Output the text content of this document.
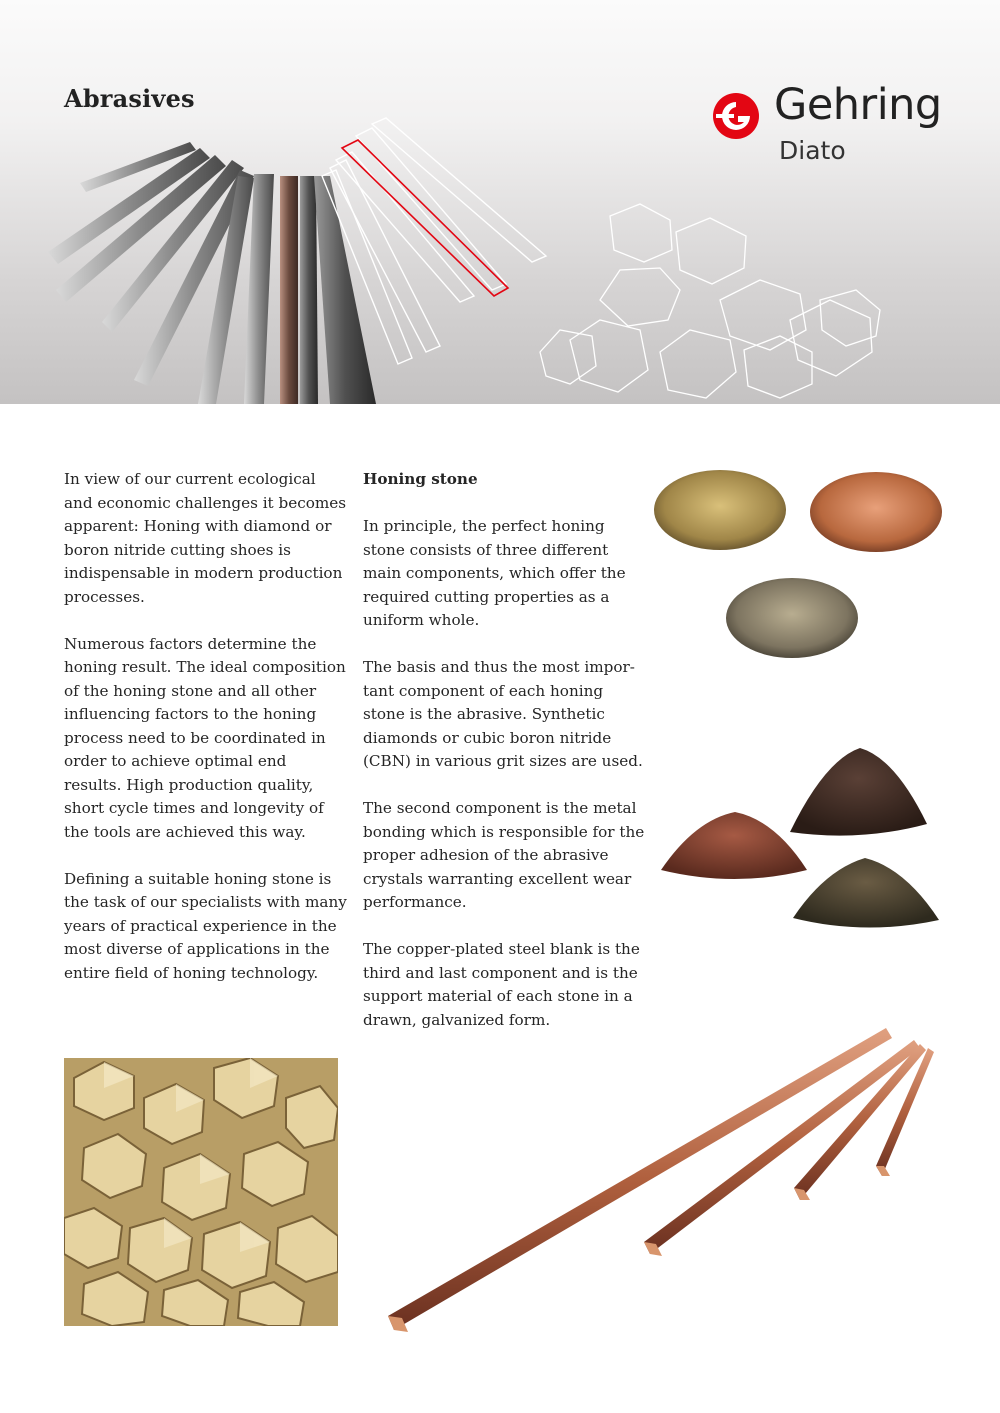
Abrasives	Gehring
Diato

In view of our current ecological and economic challenges it becomes apparent: Honing with diamond or boron nitride cutting shoes is indispensable in modern production processes.

Numerous factors determine the honing result. The ideal composition of the honing stone and all other influencing factors to the honing process need to be coordinated in order to achieve optimal end results. High production quality, short cycle times and longevity of the tools are achieved this way.

Defining a suitable honing stone is the task of our specialists with many years of practical experience in the most diverse of applications in the entire field of honing technology.

Honing stone

In principle, the perfect honing stone consists of three different main components, which offer the required cutting properties as a uniform whole.

The basis and thus the most impor-tant component of each honing stone is the abrasive. Synthetic diamonds or cubic boron nitride (CBN) in various grit sizes are used.

The second component is the metal bonding which is responsible for the proper adhesion of the abrasive crystals warranting excellent wear performance.

The copper-plated steel blank is the third and last component and is the support material of each stone in a drawn, galvanized form.
